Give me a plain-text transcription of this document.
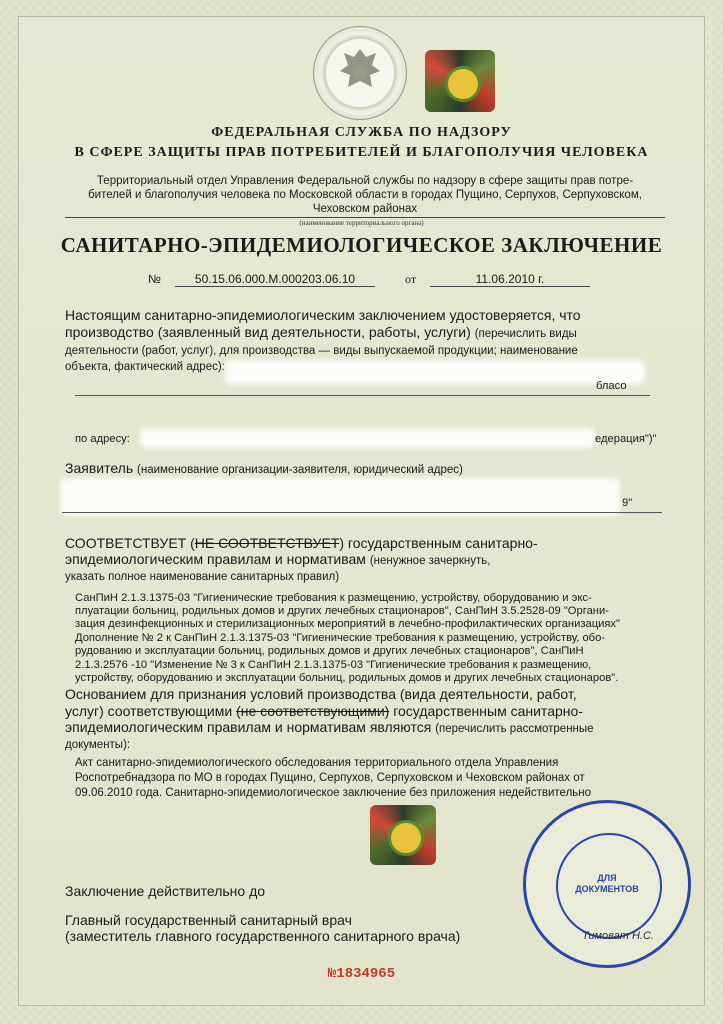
ФЕДЕРАЛЬНАЯ СЛУЖБА ПО НАДЗОРУ
В СФЕРЕ ЗАЩИТЫ ПРАВ ПОТРЕБИТЕЛЕЙ И БЛАГОПОЛУЧИЯ ЧЕЛОВЕКА
Территориальный отдел Управления Федеральной службы по надзору в сфере защиты прав потре-
бителей и благополучия человека по Московской области в городах Пущино, Серпухов, Серпуховском,
Чеховском районах
(наименование территориального органа)
САНИТАРНО-ЭПИДЕМИОЛОГИЧЕСКОЕ ЗАКЛЮЧЕНИЕ
№	50.15.06.000.М.000203.06.10	от	11.06.2010 г.
Настоящим санитарно-эпидемиологическим заключением удостоверяется, что
производство (заявленный вид деятельности, работы, услуги) (перечислить виды
деятельности (работ, услуг), для производства — виды выпускаемой продукции; наименование
объекта, фактический адрес):
бласо
по адресу:	едерация")"
Заявитель (наименование организации-заявителя, юридический адрес)
9"
СООТВЕТСТВУЕТ (НЕ СООТВЕТСТВУЕТ) государственным санитарно-
эпидемиологическим правилам и нормативам (ненужное зачеркнуть,
указать полное наименование санитарных правил)
СанПиН 2.1.3.1375-03 "Гигиенические требования к размещению, устройству, оборудованию и экс-
плуатации больниц, родильных домов и других лечебных стационаров", СанПиН 3.5.2528-09 "Органи-
зация дезинфекционных и стерилизационных мероприятий в лечебно-профилактических организациях"
Дополнение № 2 к СанПиН 2.1.3.1375-03 "Гигиенические требования к размещению, устройству, обо-
рудованию и эксплуатации больниц, родильных домов и других лечебных стационаров", СанПиН
2.1.3.2576 -10 "Изменение № 3 к СанПиН 2.1.3.1375-03 "Гигиенические требования к размещению,
устройству, оборудованию и эксплуатации больниц, родильных домов и других лечебных стационаров".
Основанием для признания условий производства (вида деятельности, работ,
услуг) соответствующими (не соответствующими) государственным санитарно-
эпидемиологическим правилам и нормативам являются (перечислить рассмотренные
документы):
Акт санитарно-эпидемиологического обследования территориального отдела Управления
Роспотребнадзора по МО в городах Пущино, Серпухов, Серпуховском и Чеховском районах от
09.06.2010 года. Санитарно-эпидемиологическое заключение без приложения недействительно
Заключение действительно до
Главный государственный санитарный врач
(заместитель главного государственного санитарного врача)
ДЛЯ
ДОКУМЕНТОВ
Тимоват Н.С.
№1834965
